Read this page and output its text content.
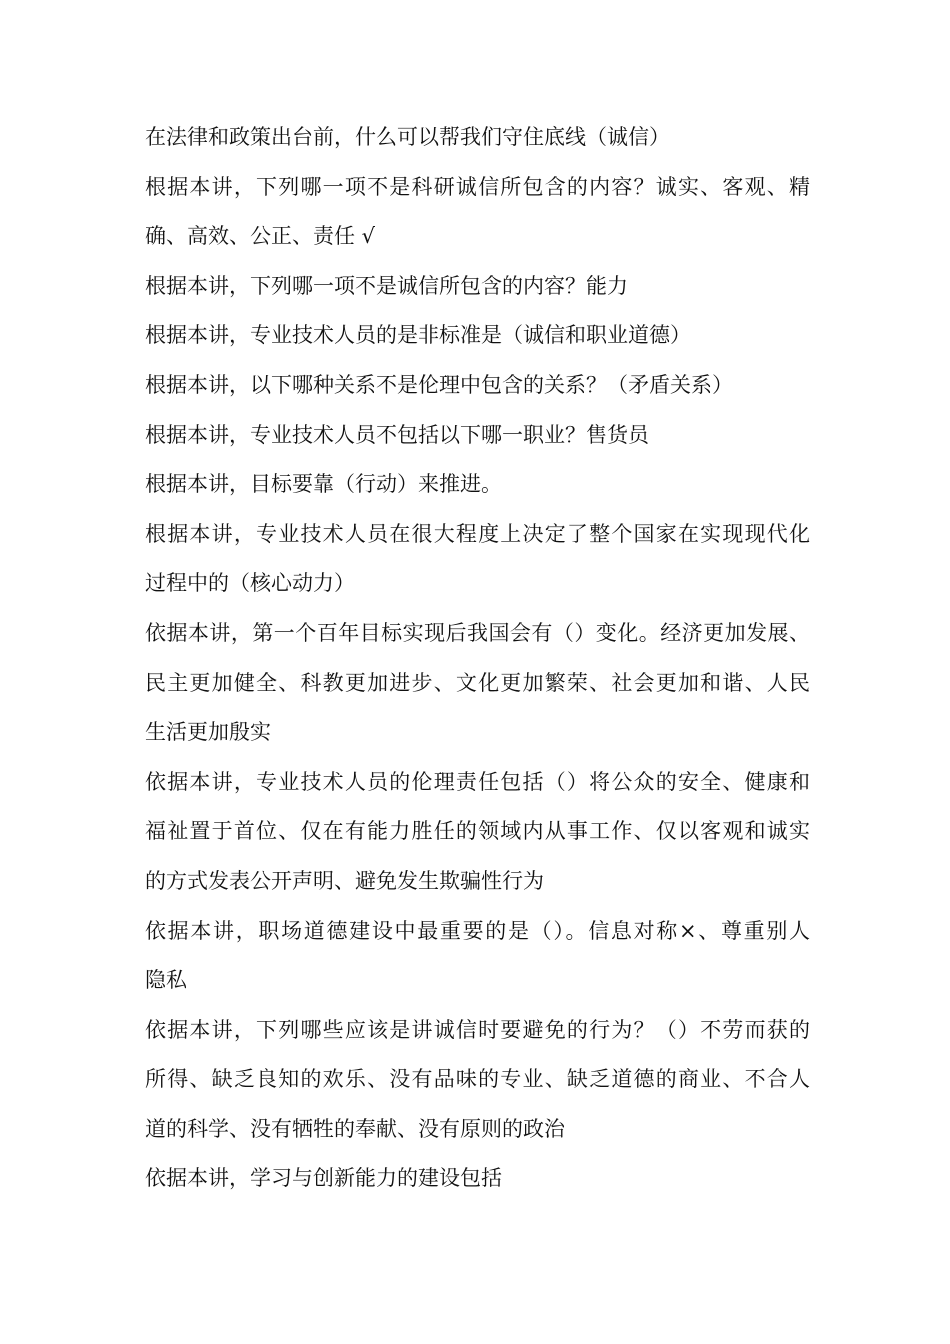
在法律和政策出台前，什么可以帮我们守住底线（诚信）
根据本讲，下列哪一项不是科研诚信所包含的内容？诚实、客观、精
确、高效、公正、责任 √
根据本讲，下列哪一项不是诚信所包含的内容？能力
根据本讲，专业技术人员的是非标准是（诚信和职业道德）
根据本讲，以下哪种关系不是伦理中包含的关系？（矛盾关系）
根据本讲，专业技术人员不包括以下哪一职业？售货员
根据本讲，目标要靠（行动）来推进。
根据本讲，专业技术人员在很大程度上决定了整个国家在实现现代化
过程中的（核心动力）
依据本讲，第一个百年目标实现后我国会有（）变化。经济更加发展、
民主更加健全、科教更加进步、文化更加繁荣、社会更加和谐、人民
生活更加殷实
依据本讲，专业技术人员的伦理责任包括（）将公众的安全、健康和
福祉置于首位、仅在有能力胜任的领域内从事工作、仅以客观和诚实
的方式发表公开声明、避免发生欺骗性行为
依据本讲，职场道德建设中最重要的是（）。信息对称×、尊重别人
隐私
依据本讲，下列哪些应该是讲诚信时要避免的行为？（）不劳而获的
所得、缺乏良知的欢乐、没有品味的专业、缺乏道德的商业、不合人
道的科学、没有牺牲的奉献、没有原则的政治
依据本讲，学习与创新能力的建设包括
